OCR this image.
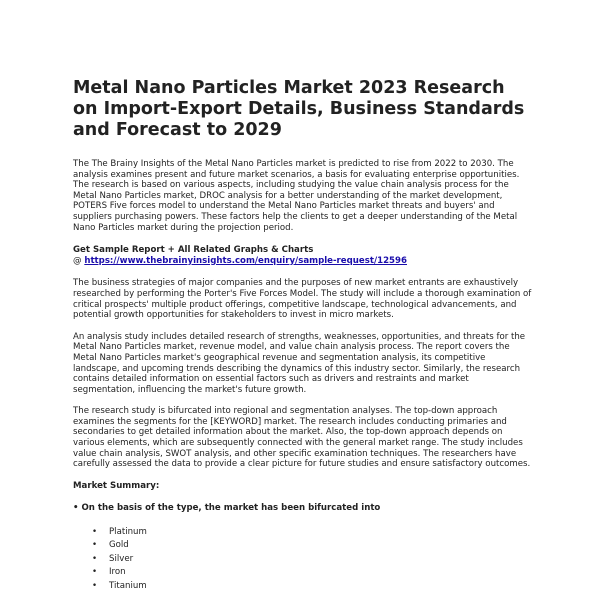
Metal Nano Particles Market 2023 Research on Import-Export Details, Business Standards and Forecast to 2029

The The Brainy Insights of the Metal Nano Particles market is predicted to rise from 2022 to 2030. The analysis examines present and future market scenarios, a basis for evaluating enterprise opportunities. The research is based on various aspects, including studying the value chain analysis process for the Metal Nano Particles market, DROC analysis for a better understanding of the market development, POTERS Five forces model to understand the Metal Nano Particles market threats and buyers' and suppliers purchasing powers. These factors help the clients to get a deeper understanding of the Metal Nano Particles market during the projection period.

Get Sample Report + All Related Graphs & Charts
@ https://www.thebrainyinsights.com/enquiry/sample-request/12596

The business strategies of major companies and the purposes of new market entrants are exhaustively researched by performing the Porter's Five Forces Model. The study will include a thorough examination of critical prospects' multiple product offerings, competitive landscape, technological advancements, and potential growth opportunities for stakeholders to invest in micro markets.

An analysis study includes detailed research of strengths, weaknesses, opportunities, and threats for the Metal Nano Particles market, revenue model, and value chain analysis process. The report covers the Metal Nano Particles market's geographical revenue and segmentation analysis, its competitive landscape, and upcoming trends describing the dynamics of this industry sector. Similarly, the research contains detailed information on essential factors such as drivers and restraints and market segmentation, influencing the market's future growth.

The research study is bifurcated into regional and segmentation analyses. The top-down approach examines the segments for the [KEYWORD] market. The research includes conducting primaries and secondaries to get detailed information about the market. Also, the top-down approach depends on various elements, which are subsequently connected with the general market range. The study includes value chain analysis, SWOT analysis, and other specific examination techniques. The researchers have carefully assessed the data to provide a clear picture for future studies and ensure satisfactory outcomes.

Market Summary:
• On the basis of the type, the market has been bifurcated into
• Platinum
• Gold
• Silver
• Iron
• Titanium
